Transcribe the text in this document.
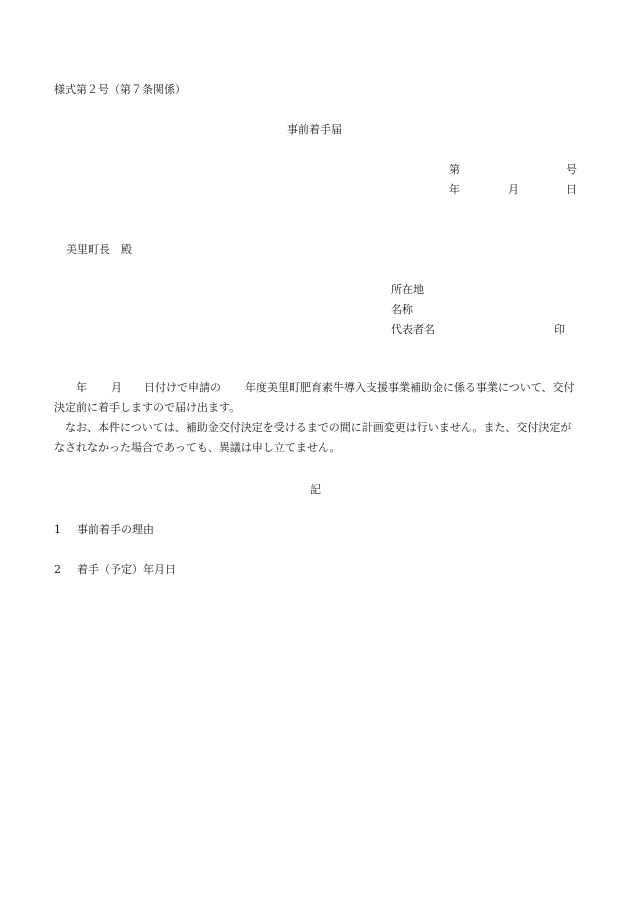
様式第２号（第７条関係）
事前着手届
第	号
年	月	日
美里町長　殿
所在地
名称
代表者名	印
年 月 日付けで申請の 年度美里町肥育素牛導入支援事業補助金に係る事業について、交付決定前に着手しますので届け出ます。
なお、本件については、補助金交付決定を受けるまでの間に計画変更は行いません。また、交付決定がなされなかった場合であっても、異議は申し立てません。
記
1 事前着手の理由
2 着手（予定）年月日
